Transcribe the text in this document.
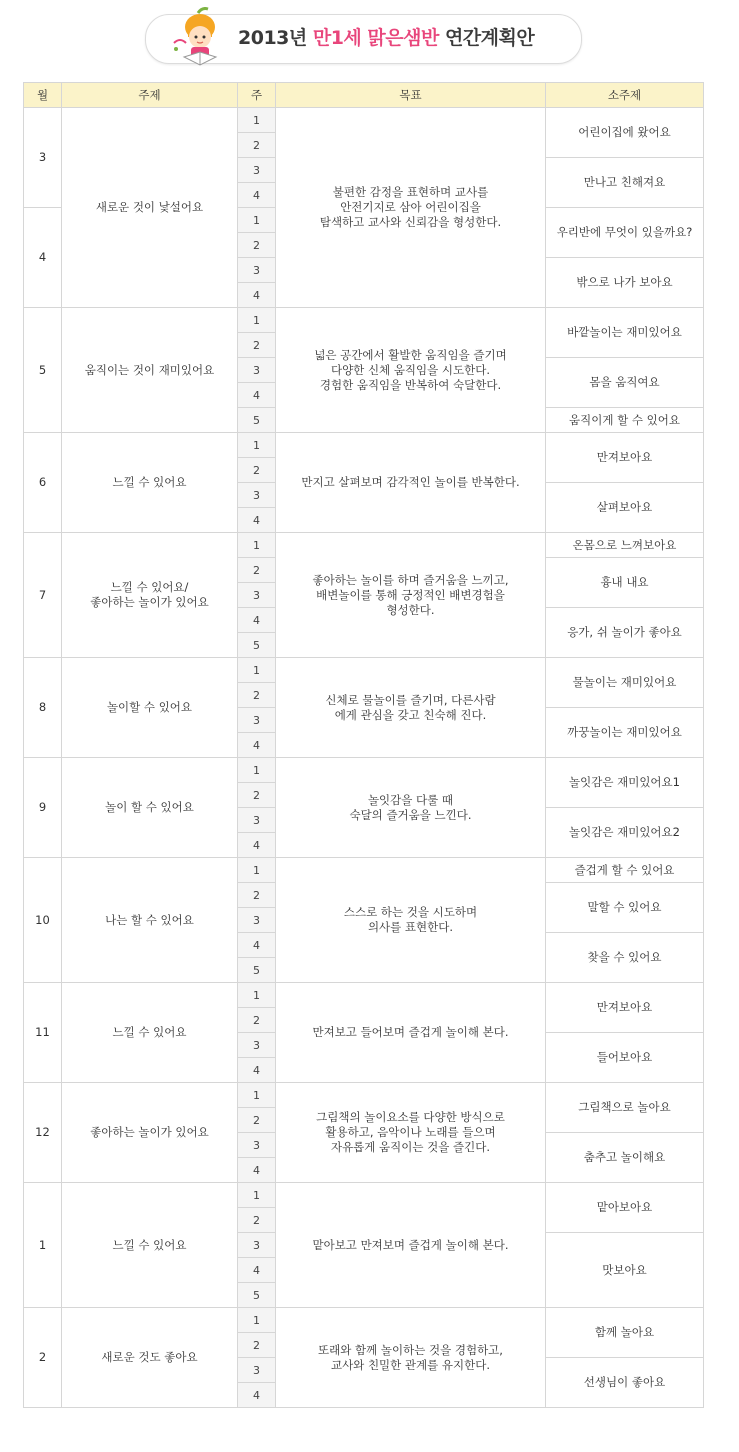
2013년 만1세 맑은샘반 연간계획안
월	주제	주	목표	소주제
3	새로운 것이 낯설어요	1	불편한 감정을 표현하며 교사를
안전기지로 삼아 어린이집을
탐색하고 교사와 신뢰감을 형성한다.	어린이집에 왔어요
		2		
		3		만나고 친해져요
		4		
4		1		우리반에 무엇이 있을까요?
		2		
		3		밖으로 나가 보아요
		4		
5	움직이는 것이 재미있어요	1	넓은 공간에서 활발한 움직임을 즐기며
다양한 신체 움직임을 시도한다.
경험한 움직임을 반복하여 숙달한다.	바깥놀이는 재미있어요
		2		
		3		몸을 움직여요
		4		
		5		움직이게 할 수 있어요
6	느낄 수 있어요	1	만지고 살펴보며 감각적인 놀이를 반복한다.	만져보아요
		2		
		3		살펴보아요
		4		
7	느낄 수 있어요/
좋아하는 놀이가 있어요	1	좋아하는 놀이를 하며 즐거움을 느끼고,
배변놀이를 통해 긍정적인 배변경험을
형성한다.	온몸으로 느껴보아요
		2		흉내 내요
		3		
		4		응가, 쉬 놀이가 좋아요
		5		
8	놀이할 수 있어요	1	신체로 물놀이를 즐기며, 다른사람
에게 관심을 갖고 친숙해 진다.	물놀이는 재미있어요
		2		
		3		까꿍놀이는 재미있어요
		4		
9	놀이 할 수 있어요	1	놀잇감을 다룰 때
숙달의 즐거움을 느낀다.	놀잇감은 재미있어요1
		2		
		3		놀잇감은 재미있어요2
		4		
10	나는 할 수 있어요	1	스스로 하는 것을 시도하며
의사를 표현한다.	즐겁게 할 수 있어요
		2		말할 수 있어요
		3		
		4		찾을 수 있어요
		5		
11	느낄 수 있어요	1	만져보고 들어보며 즐겁게 놀이해 본다.	만져보아요
		2		
		3		들어보아요
		4		
12	좋아하는 놀이가 있어요	1	그림책의 놀이요소를 다양한 방식으로
활용하고, 음악이나 노래를 들으며
자유롭게 움직이는 것을 즐긴다.	그림책으로 놀아요
		2		
		3		춤추고 놀이해요
		4		
1	느낄 수 있어요	1	맡아보고 만져보며 즐겁게 놀이해 본다.	맡아보아요
		2		
		3		맛보아요
		4		
		5		
2	새로운 것도 좋아요	1	또래와 함께 놀이하는 것을 경험하고,
교사와 친밀한 관계를 유지한다.	함께 놀아요
		2		
		3		선생님이 좋아요
		4		
